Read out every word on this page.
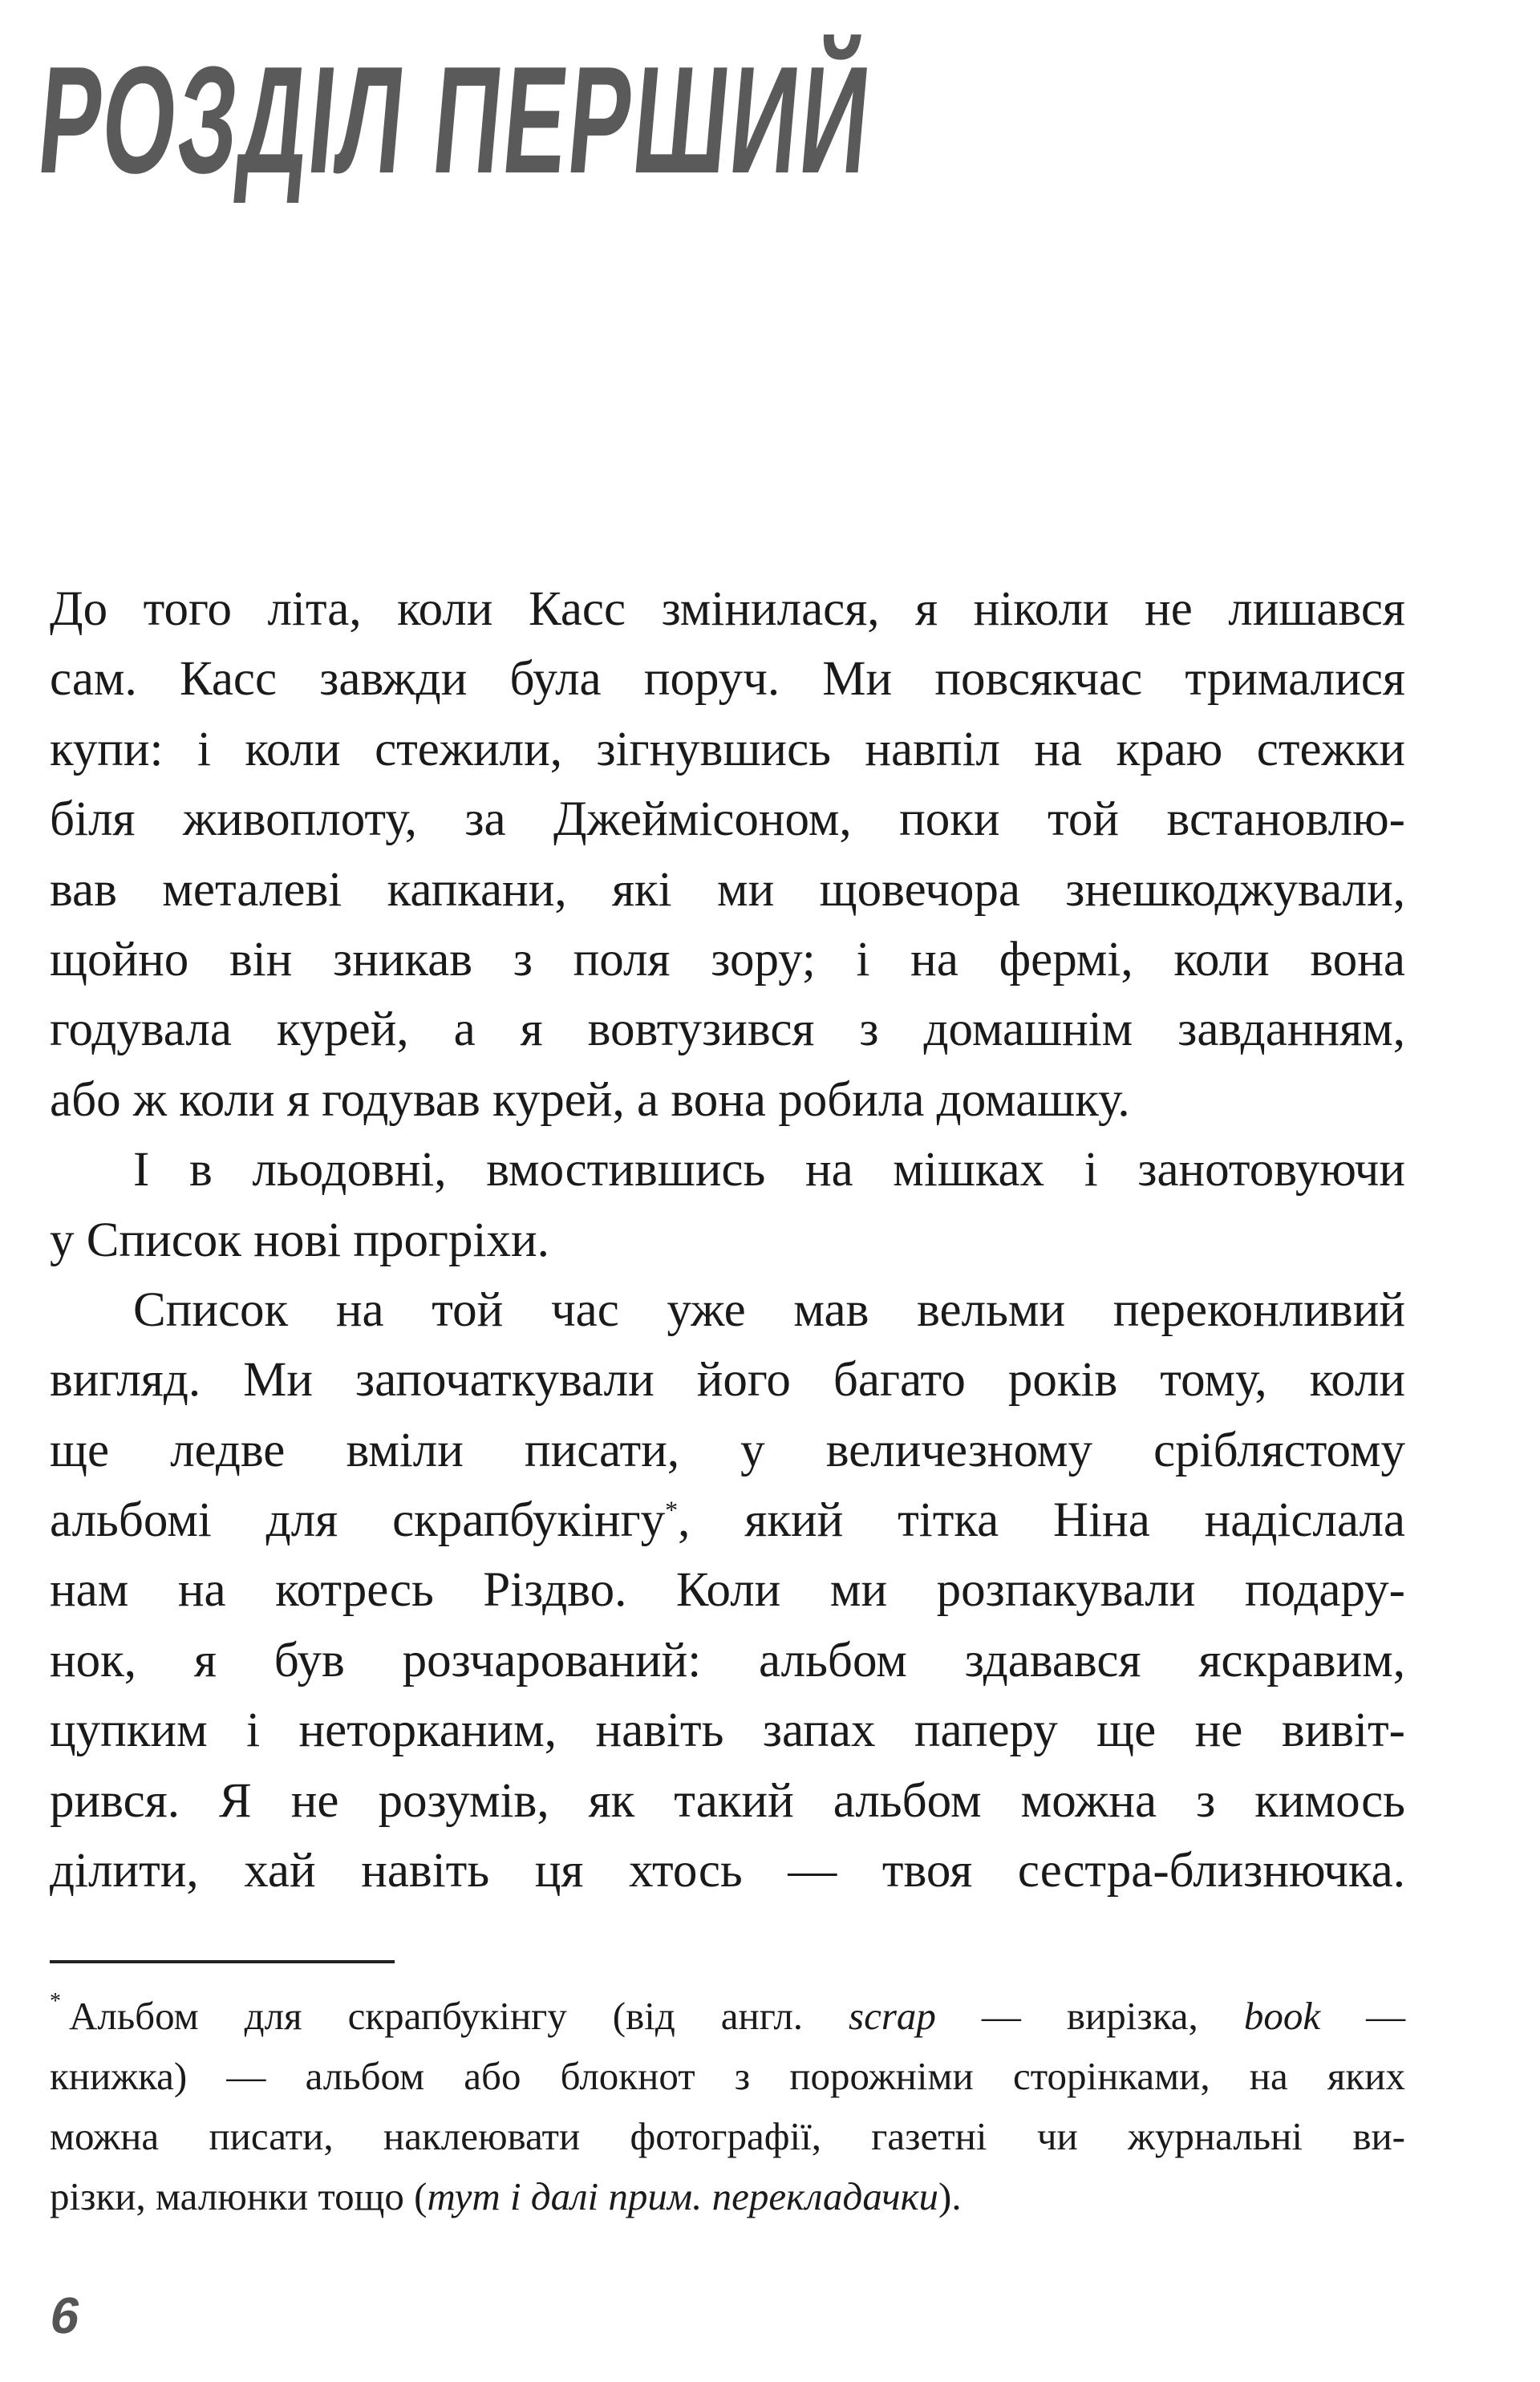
РОЗДІЛ ПЕРШИЙ
До того літа, коли Касс змінилася, я ніколи не лишався
сам. Касс завжди була поруч. Ми повсякчас трималися
купи: і коли стежили, зігнувшись навпіл на краю стежки
біля живоплоту, за Джеймісоном, поки той встановлю-
вав металеві капкани, які ми щовечора знешкоджували,
щойно він зникав з поля зору; і на фермі, коли вона
годувала курей, а я вовтузився з домашнім завданням,
або ж коли я годував курей, а вона робила домашку.
І в льодовні, вмостившись на мішках і занотовуючи
у Список нові прогріхи.
Список на той час уже мав вельми переконливий
вигляд. Ми започаткували його багато років тому, коли
ще ледве вміли писати, у величезному сріблястому
альбомі для скрапбукінгу*, який тітка Ніна надіслала
нам на котресь Різдво. Коли ми розпакували подару-
нок, я був розчарований: альбом здавався яскравим,
цупким і неторканим, навіть запах паперу ще не вивіт-
рився. Я не розумів, як такий альбом можна з кимось
ділити, хай навіть ця хтось — твоя сестра-близнючка.
* Альбом для скрапбукінгу (від англ. scrap — вирізка, book —
книжка) — альбом або блокнот з порожніми сторінками, на яких
можна писати, наклеювати фотографії, газетні чи журнальні ви-
різки, малюнки тощо (тут і далі прим. перекладачки).
6
